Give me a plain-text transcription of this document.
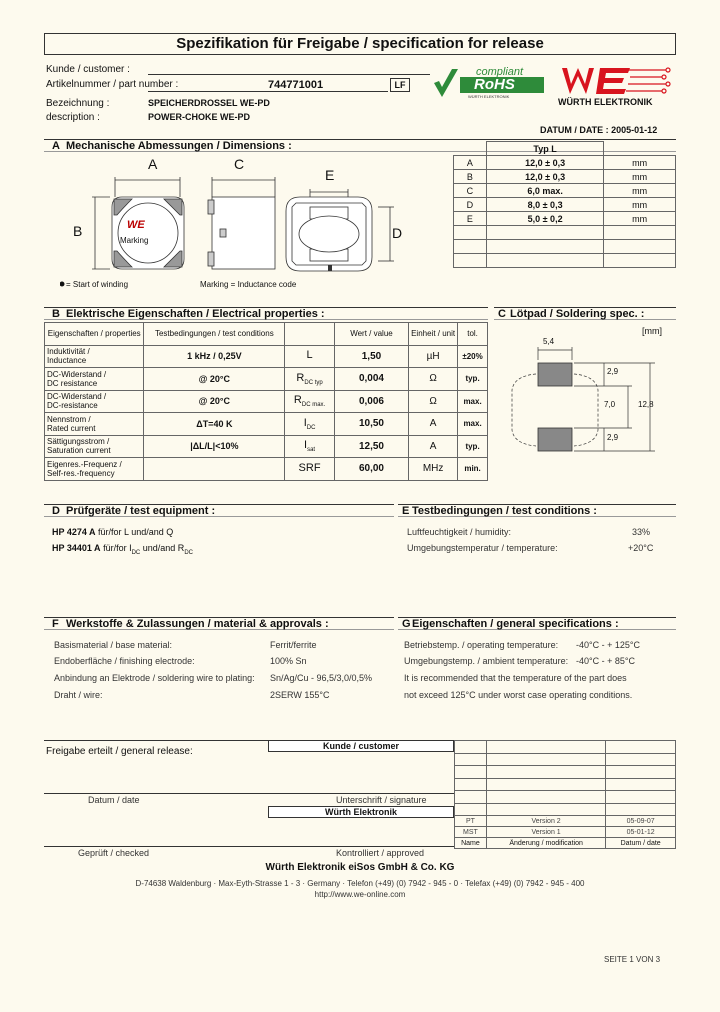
Spezifikation für Freigabe / specification for release
Kunde / customer :
Artikelnummer / part number :	744771001	LF
Bezeichnung :	SPEICHERDROSSEL WE-PD
description :	POWER-CHOKE WE-PD
compliant
RoHS
WÜRTH ELEKTRONIK
WÜRTH ELEKTRONIK
DATUM / DATE : 2005-01-12
A Mechanische Abmessungen / Dimensions :
A	C
E
B	D
WE
Marking
= Start of winding	Marking = Inductance code
	Typ L	
A	12,0 ± 0,3	mm
B	12,0 ± 0,3	mm
C	6,0 max.	mm
D	8,0 ± 0,3	mm
E	5,0 ± 0,2	mm

B Elektrische Eigenschaften / Electrical properties :
Eigenschaften / properties	Testbedingungen / test conditions		Wert / value	Einheit / unit	tol.

Induktivität /
Inductance	1 kHz / 0,25V	L	1,50	µH	±20%

DC-Widerstand /
DC resistance	@ 20°C	$R_{DC typ}$	0,004	Ω	typ.

DC-Widerstand /
DC-resistance	@ 20°C	$R_{DC max.}$	0,006	Ω	max.

Nennstrom /
Rated current	ΔT=40 K	$I_{DC}$	10,50	A	max.

Sättigungsstrom /
Saturation current	|ΔL/L|<10%	$I_{sat}$	12,50	A	typ.

Eigenres.-Frequenz /
Self-res.-frequency		SRF	60,00	MHz	min.
C Lötpad / Soldering spec. :
[mm]
5,4
2,9
7,0	12,8
2,9
D Prüfgeräte / test equipment :
HP 4274 A für/for L und/and Q
HP 34401 A für/for $I_{DC}$ und/and $R_{DC}$
E Testbedingungen / test conditions :
Luftfeuchtigkeit / humidity:	33%
Umgebungstemperatur / temperature:	+20°C
F Werkstoffe & Zulassungen / material & approvals :
Basismaterial / base material:	Ferrit/ferrite
Endoberfläche / finishing electrode:	100% Sn
Anbindung an Elektrode / soldering wire to plating: Sn/Ag/Cu - 96,5/3,0/0,5%
Draht / wire:	2SERW 155°C
GEigenschaften / general specifications :
Betriebstemp. / operating temperature: -40°C - + 125°C
Umgebungstemp. / ambient temperature: -40°C - + 85°C
It is recommended that the temperature of the part does
not exceed 125°C under worst case operating conditions.
Freigabe erteilt / general release:	Kunde / customer
Datum / date	Unterschrift / signature
Würth Elektronik
Geprüft / checked	Kontrolliert / approved

PT	Version 2	05-09-07
MST	Version 1	05-01-12
Name	Änderung / modification	Datum / date
Würth Elektronik eiSos GmbH & Co. KG
D-74638 Waldenburg · Max-Eyth-Strasse 1 - 3 · Germany · Telefon (+49) (0) 7942 - 945 - 0 · Telefax (+49) (0) 7942 - 945 - 400
http://www.we-online.com
SEITE 1 VON 3
